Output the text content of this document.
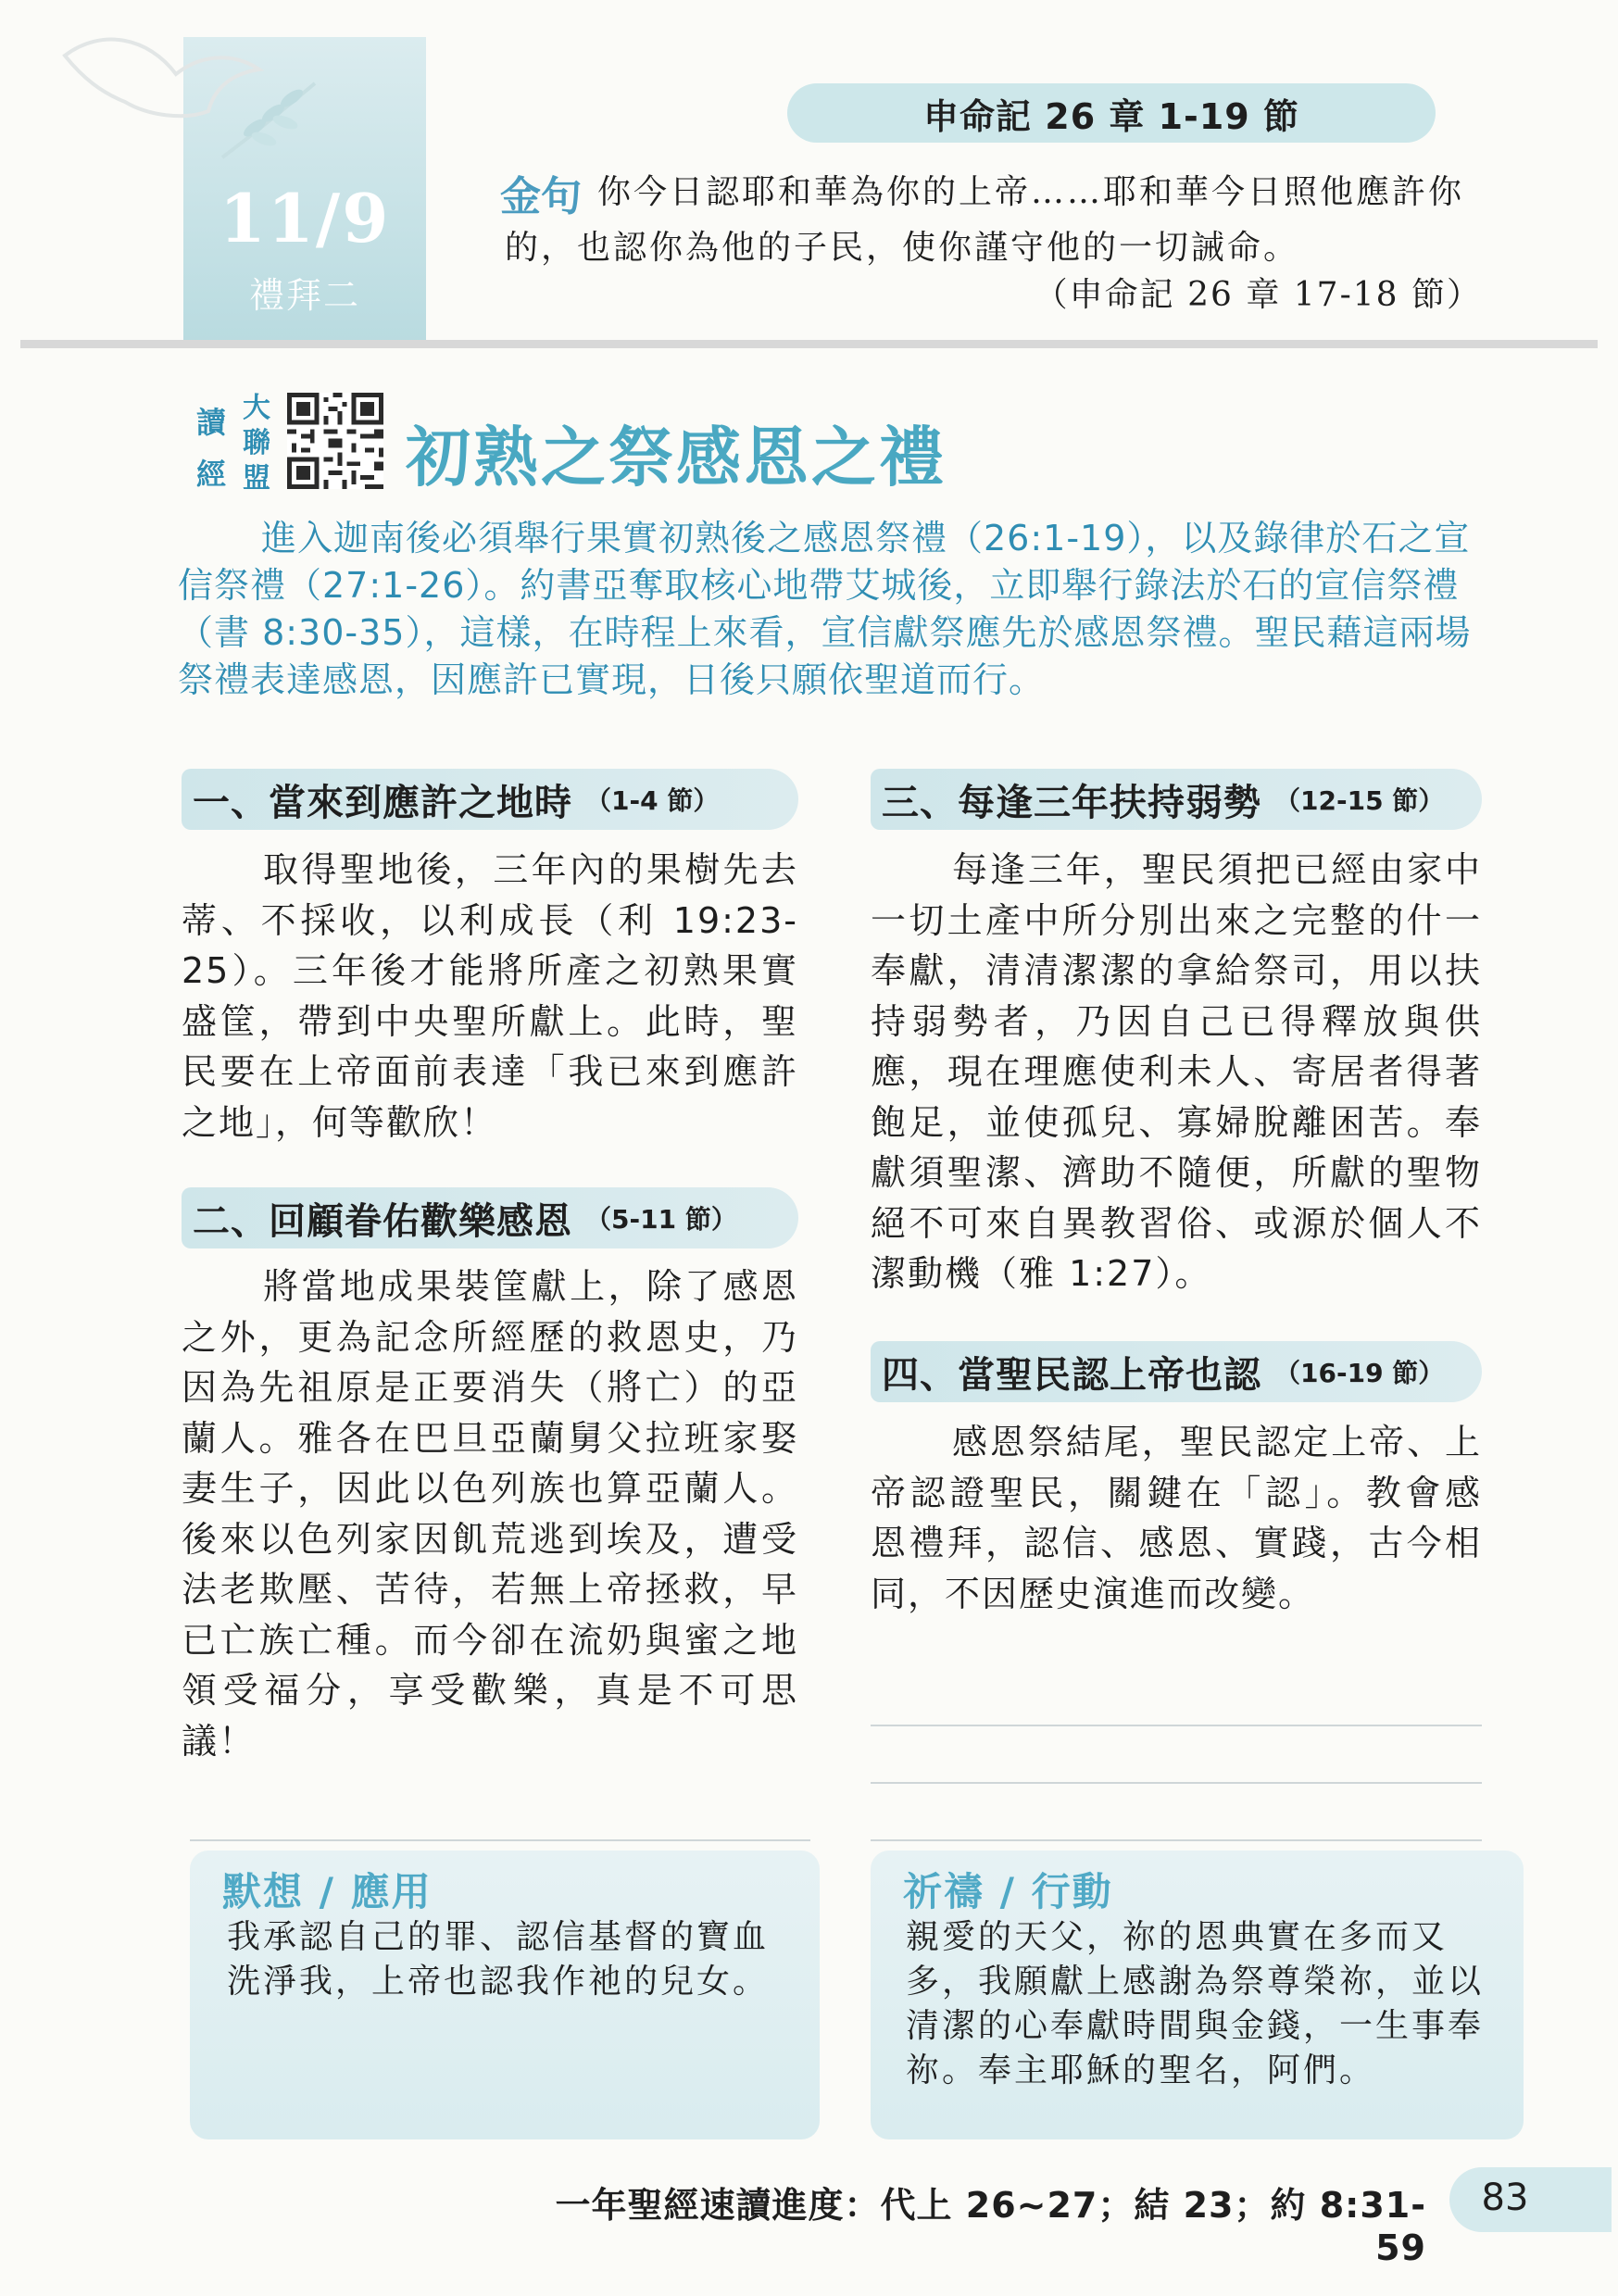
11/9
禮拜二
申命記 26 章 1-19 節
金句 你今日認耶和華為你的上帝……耶和華今日照他應許你的，也認你為他的子民，使你謹守他的一切誡命。
（申命記 26 章 17-18 節）
讀經
大聯盟 初熟之祭感恩之禮
進入迦南後必須舉行果實初熟後之感恩祭禮（26:1-19），以及錄律於石之宣信祭禮（27:1-26）。約書亞奪取核心地帶艾城後，立即舉行錄法於石的宣信祭禮（書 8:30-35），這樣，在時程上來看，宣信獻祭應先於感恩祭禮。聖民藉這兩場祭禮表達感恩，因應許已實現，日後只願依聖道而行。
一、當來到應許之地時 （1-4 節）
取得聖地後，三年內的果樹先去蒂、不採收，以利成長（利 19:23-25）。三年後才能將所產之初熟果實盛筐，帶到中央聖所獻上。此時，聖民要在上帝面前表達「我已來到應許之地」，何等歡欣！
二、回顧眷佑歡樂感恩 （5-11 節）
將當地成果裝筐獻上，除了感恩之外，更為記念所經歷的救恩史，乃因為先祖原是正要消失（將亡）的亞蘭人。雅各在巴旦亞蘭舅父拉班家娶妻生子，因此以色列族也算亞蘭人。後來以色列家因飢荒逃到埃及，遭受法老欺壓、苦待，若無上帝拯救，早已亡族亡種。而今卻在流奶與蜜之地領受福分，享受歡樂，真是不可思議！
三、每逢三年扶持弱勢 （12-15 節）
每逢三年，聖民須把已經由家中一切土產中所分別出來之完整的什一奉獻，清清潔潔的拿給祭司，用以扶持弱勢者，乃因自己已得釋放與供應，現在理應使利未人、寄居者得著飽足，並使孤兒、寡婦脫離困苦。奉獻須聖潔、濟助不隨便，所獻的聖物絕不可來自異教習俗、或源於個人不潔動機（雅 1:27）。
四、當聖民認上帝也認 （16-19 節）
感恩祭結尾，聖民認定上帝、上帝認證聖民，關鍵在「認」。教會感恩禮拜，認信、感恩、實踐，古今相同，不因歷史演進而改變。
默想 / 應用
我承認自己的罪、認信基督的寶血洗淨我，上帝也認我作祂的兒女。
祈禱 / 行動
親愛的天父，祢的恩典實在多而又多，我願獻上感謝為祭尊榮祢，並以清潔的心奉獻時間與金錢，一生事奉祢。奉主耶穌的聖名，阿們。
一年聖經速讀進度：代上 26~27；結 23；約 8:31-59
83
